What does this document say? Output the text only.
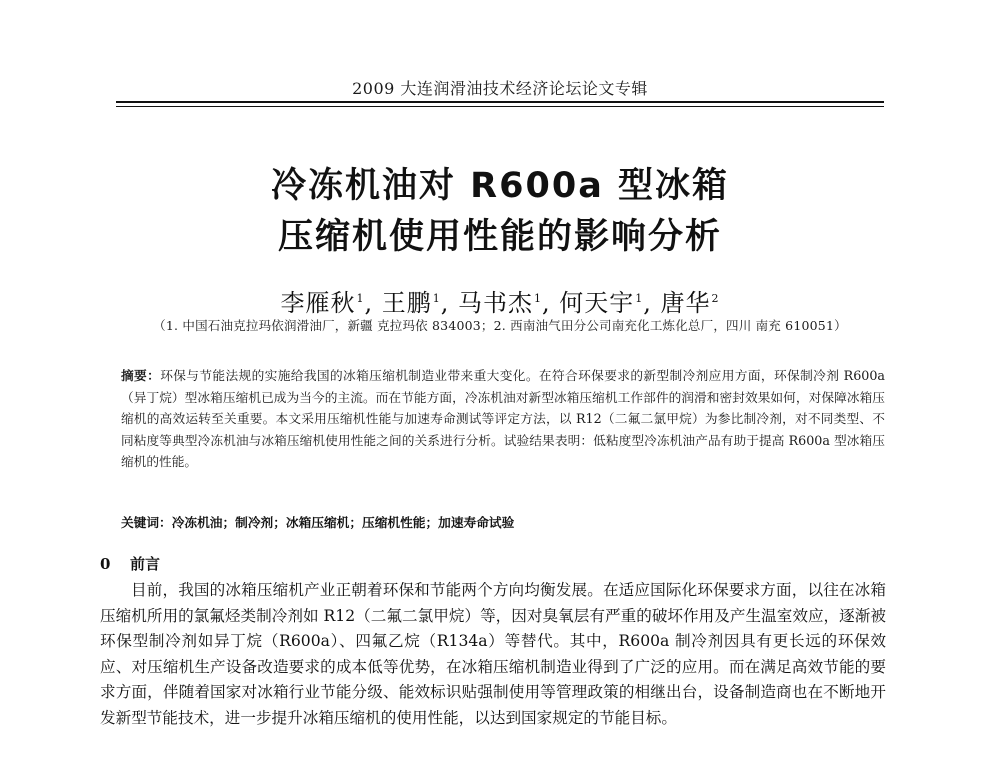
2009 大连润滑油技术经济论坛论文专辑
冷冻机油对 R600a 型冰箱
压缩机使用性能的影响分析
李雁秋$^1$, 王鹏$^1$, 马书杰$^1$, 何天宇$^1$, 唐华$^2$
（1. 中国石油克拉玛依润滑油厂，新疆 克拉玛依 834003；2. 西南油气田分公司南充化工炼化总厂，四川 南充 610051）
摘要：环保与节能法规的实施给我国的冰箱压缩机制造业带来重大变化。在符合环保要求的新型制冷剂应用方面，环保制冷剂 R600a（异丁烷）型冰箱压缩机已成为当今的主流。而在节能方面，冷冻机油对新型冰箱压缩机工作部件的润滑和密封效果如何，对保障冰箱压缩机的高效运转至关重要。本文采用压缩机性能与加速寿命测试等评定方法，以 R12（二氟二氯甲烷）为参比制冷剂，对不同类型、不同粘度等典型冷冻机油与冰箱压缩机使用性能之间的关系进行分析。试验结果表明：低粘度型冷冻机油产品有助于提高 R600a 型冰箱压缩机的性能。
关键词：冷冻机油；制冷剂；冰箱压缩机；压缩机性能；加速寿命试验
0 前言
目前，我国的冰箱压缩机产业正朝着环保和节能两个方向均衡发展。在适应国际化环保要求方面，以往在冰箱压缩机所用的氯氟烃类制冷剂如 R12（二氟二氯甲烷）等，因对臭氧层有严重的破坏作用及产生温室效应，逐渐被环保型制冷剂如异丁烷（R600a）、四氟乙烷（R134a）等替代。其中，R600a 制冷剂因具有更长远的环保效应、对压缩机生产设备改造要求的成本低等优势，在冰箱压缩机制造业得到了广泛的应用。而在满足高效节能的要求方面，伴随着国家对冰箱行业节能分级、能效标识贴强制使用等管理政策的相继出台，设备制造商也在不断地开发新型节能技术，进一步提升冰箱压缩机的使用性能，以达到国家规定的节能目标。
